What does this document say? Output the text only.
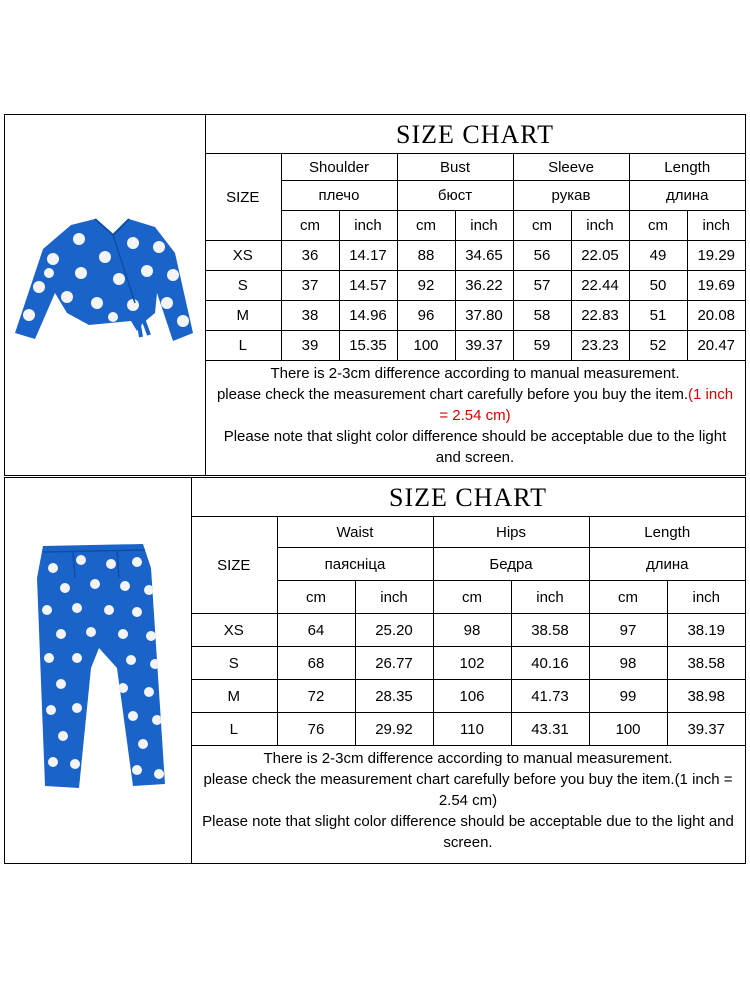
SIZE CHART
SIZE	Shoulder		Bust		Sleeve		Length	
	плечо		бюст		рукав		длина	
	cm	inch	cm	inch	cm	inch	cm	inch
XS	36	14.17	88	34.65	56	22.05	49	19.29
S	37	14.57	92	36.22	57	22.44	50	19.69
M	38	14.96	96	37.80	58	22.83	51	20.08
L	39	15.35	100	39.37	59	23.23	52	20.47
There is 2-3cm difference according to manual measurement.
please check the measurement chart carefully before you buy the item.(1 inch = 2.54 cm)
Please note that slight color difference should be acceptable due to the light and screen.
SIZE CHART
SIZE	Waist		Hips		Length	
	паясніца		Бедра		длина	
	cm	inch	cm	inch	cm	inch
XS	64	25.20	98	38.58	97	38.19
S	68	26.77	102	40.16	98	38.58
M	72	28.35	106	41.73	99	38.98
L	76	29.92	110	43.31	100	39.37
There is 2-3cm difference according to manual measurement.
please check the measurement chart carefully before you buy the item.(1 inch = 2.54 cm)
Please note that slight color difference should be acceptable due to the light and screen.
